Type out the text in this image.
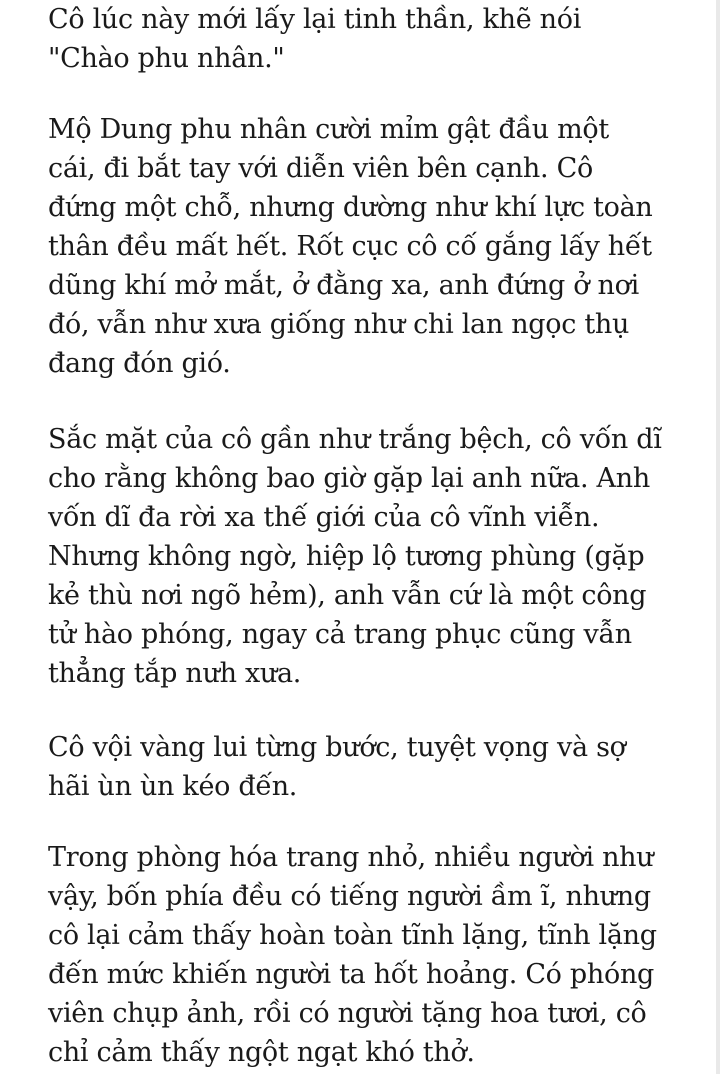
Cô lúc này mới lấy lại tinh thần, khẽ nói
"Chào phu nhân."

Mộ Dung phu nhân cười mỉm gật đầu một
cái, đi bắt tay với diễn viên bên cạnh. Cô
đứng một chỗ, nhưng dường như khí lực toàn
thân đều mất hết. Rốt cục cô cố gắng lấy hết
dũng khí mở mắt, ở đằng xa, anh đứng ở nơi
đó, vẫn như xưa giống như chi lan ngọc thụ
đang đón gió.

Sắc mặt của cô gần như trắng bệch, cô vốn dĩ
cho rằng không bao giờ gặp lại anh nữa. Anh
vốn dĩ đa rời xa thế giới của cô vĩnh viễn.
Nhưng không ngờ, hiệp lộ tương phùng (gặp
kẻ thù nơi ngõ hẻm), anh vẫn cứ là một công
tử hào phóng, ngay cả trang phục cũng vẫn
thẳng tắp nưh xưa.

Cô vội vàng lui từng bước, tuyệt vọng và sợ
hãi ùn ùn kéo đến.

Trong phòng hóa trang nhỏ, nhiều người như
vậy, bốn phía đều có tiếng người ầm ĩ, nhưng
cô lại cảm thấy hoàn toàn tĩnh lặng, tĩnh lặng
đến mức khiến người ta hốt hoảng. Có phóng
viên chụp ảnh, rồi có người tặng hoa tươi, cô
chỉ cảm thấy ngột ngạt khó thở.
